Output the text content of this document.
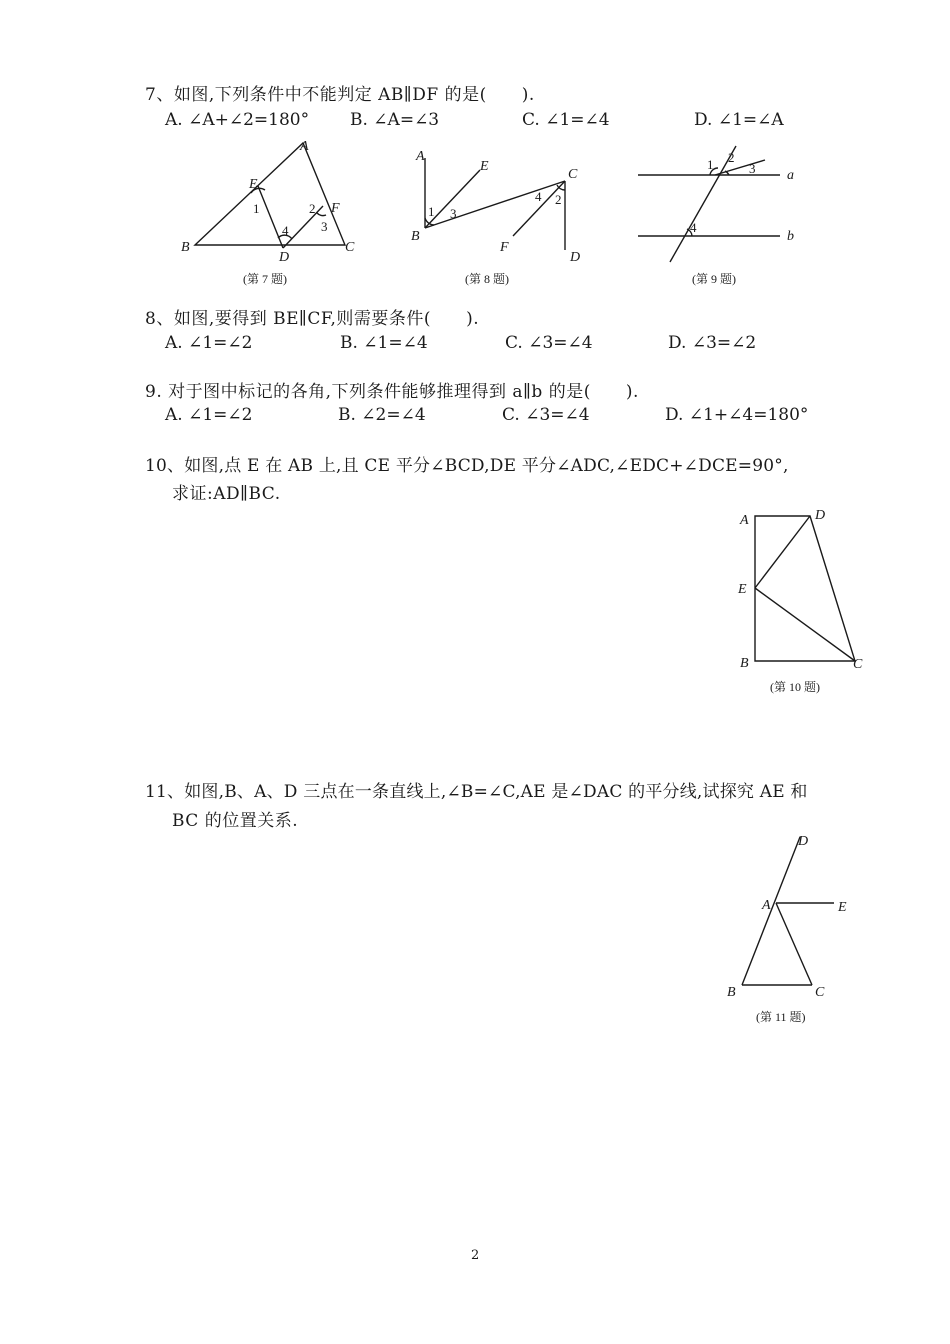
7、如图,下列条件中不能判定 AB∥DF 的是(　　).
A. ∠A+∠2=180° B. ∠A=∠3	C. ∠1=∠4	D. ∠1=∠A
A
B	C
D
E
F
1	2
3
4
(第 7 题)
A
B
C
D
E
F
1
2
3
4
(第 8 题)
a
b
1 2
3
4
(第 9 题)
8、如图,要得到 BE∥CF,则需要条件(　　).
A. ∠1=∠2	B. ∠1=∠4	C. ∠3=∠4	D. ∠3=∠2
9. 对于图中标记的各角,下列条件能够推理得到 a∥b 的是(　　).
A. ∠1=∠2	B. ∠2=∠4	C. ∠3=∠4	D. ∠1+∠4=180°
10、如图,点 E 在 AB 上,且 CE 平分∠BCD,DE 平分∠ADC,∠EDC+∠DCE=90°,
求证:AD∥BC.
A	D
E
B	C
(第 10 题)
11、如图,B、A、D 三点在一条直线上,∠B=∠C,AE 是∠DAC 的平分线,试探究 AE 和
BC 的位置关系.
D
A	E
B	C
(第 11 题)
2
